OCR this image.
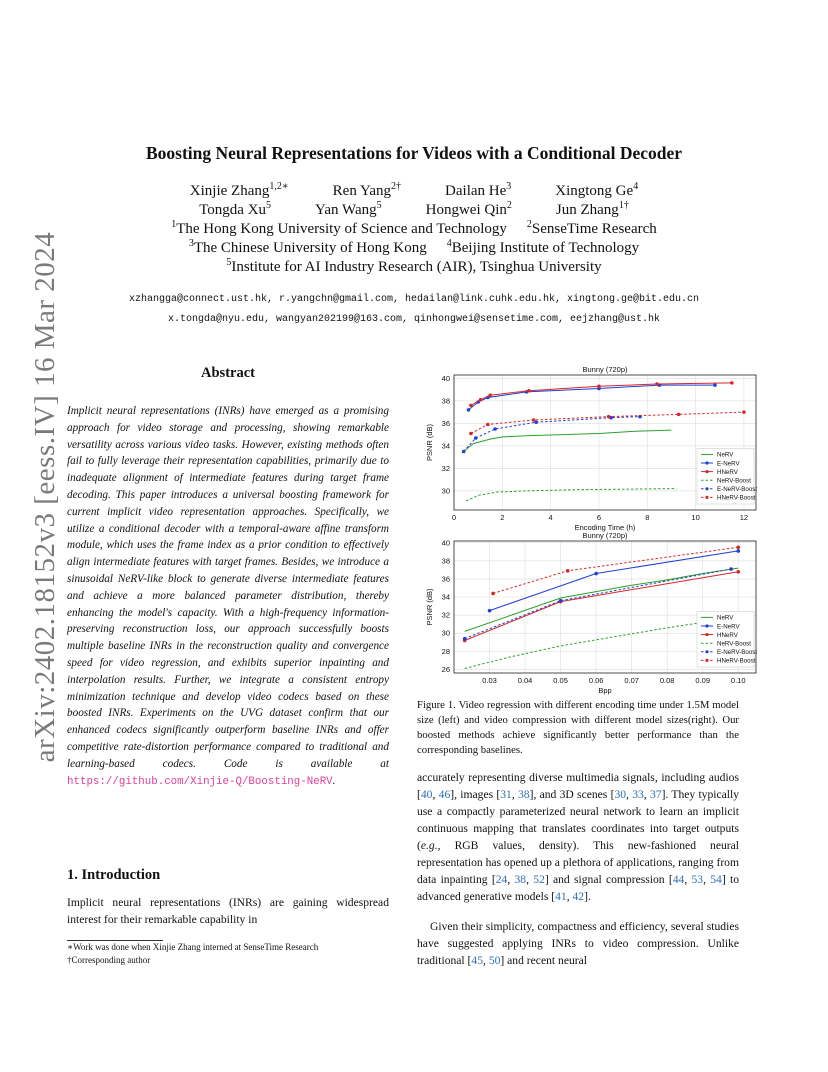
arXiv:2402.18152v3 [eess.IV] 16 Mar 2024
Boosting Neural Representations for Videos with a Conditional Decoder
Xinjie Zhang$^{1,2∗}$	Ren Yang$^{2\dagger}$	Dailan He$^3$	Xingtong Ge$^4$
Tongda Xu$^5$	Yan Wang$^5$	Hongwei Qin$^2$	Jun Zhang$^{1\dagger}$
$^1$The Hong Kong University of Science and Technology $^2$SenseTime Research
$^3$The Chinese University of Hong Kong $^4$Beijing Institute of Technology
$^5$Institute for AI Industry Research (AIR), Tsinghua University
xzhangga@connect.ust.hk, r.yangchn@gmail.com, hedailan@link.cuhk.edu.hk, xingtong.ge@bit.edu.cn
x.tongda@nyu.edu, wangyan202199@163.com, qinhongwei@sensetime.com, eejzhang@ust.hk
Abstract
Implicit neural representations (INRs) have emerged as a promising approach for video storage and processing, showing remarkable versatility across various video tasks. However, existing methods often fail to fully leverage their representation capabilities, primarily due to inadequate alignment of intermediate features during target frame decoding. This paper introduces a universal boosting framework for current implicit video representation approaches. Specifically, we utilize a conditional decoder with a temporal-aware affine transform module, which uses the frame index as a prior condition to effectively align intermediate features with target frames. Besides, we introduce a sinusoidal NeRV-like block to generate diverse intermediate features and achieve a more balanced parameter distribution, thereby enhancing the model's capacity. With a high-frequency information-preserving reconstruction loss, our approach successfully boosts multiple baseline INRs in the reconstruction quality and convergence speed for video regression, and exhibits superior inpainting and interpolation results. Further, we integrate a consistent entropy minimization technique and develop video codecs based on these boosted INRs. Experiments on the UVG dataset confirm that our enhanced codecs significantly outperform baseline INRs and offer competitive rate-distortion performance compared to traditional and learning-based codecs. Code is available at https://github.com/Xinjie-Q/Boosting-NeRV.
1. Introduction
Implicit neural representations (INRs) are gaining widespread interest for their remarkable capability in
∗Work was done when Xinjie Zhang interned at SenseTime Research
†Corresponding author
0	2	4	6	8	10	12
30
32
34
36
38
40
Bunny (720p)
Encoding Time (h)
PSNR (dB)	NeRV
E-NeRV
HNeRV
NeRV-Boost
E-NeRV-Boost
HNeRV-Boost
0.03	0.04	0.05	0.06	0.07	0.08	0.09	0.10
26
28
30
32
34
36
38
40
Bunny (720p)
Bpp
PSNR (dB)	NeRV
E-NeRV
HNeRV
NeRV-Boost
E-NeRV-Boost
HNeRV-Boost
Figure 1. Video regression with different encoding time under 1.5M model size (left) and video compression with different model sizes(right). Our boosted methods achieve significantly better performance than the corresponding baselines.
accurately representing diverse multimedia signals, including audios [40, 46], images [31, 38], and 3D scenes [30, 33, 37]. They typically use a compactly parameterized neural network to learn an implicit continuous mapping that translates coordinates into target outputs (e.g., RGB values, density). This new-fashioned neural representation has opened up a plethora of applications, ranging from data inpainting [24, 38, 52] and signal compression [44, 53, 54] to advanced generative models [41, 42].
Given their simplicity, compactness and efficiency, several studies have suggested applying INRs to video compression. Unlike traditional [45, 50] and recent neural
